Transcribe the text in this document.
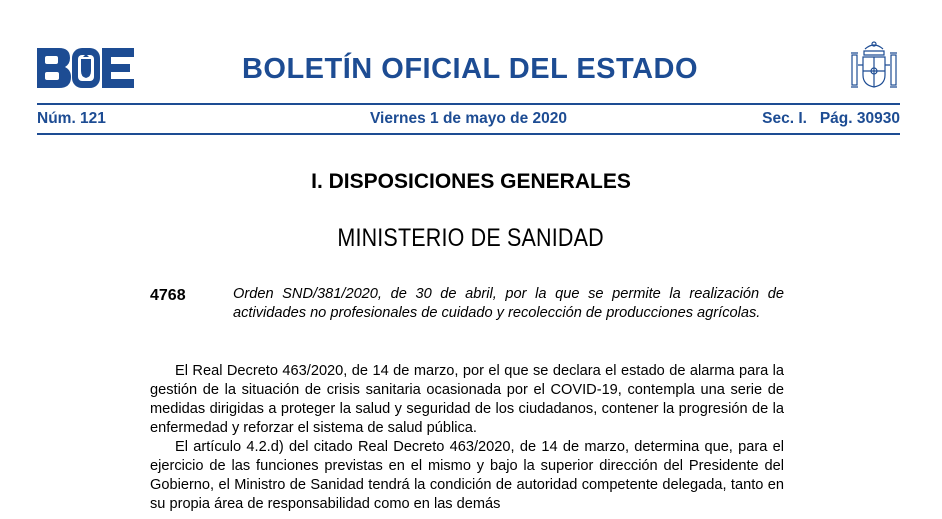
BOLETÍN OFICIAL DEL ESTADO
Núm. 121	Viernes 1 de mayo de 2020	Sec. I.   Pág. 30930
I. DISPOSICIONES GENERALES
MINISTERIO DE SANIDAD
4768	Orden SND/381/2020, de 30 de abril, por la que se permite la realización de actividades no profesionales de cuidado y recolección de producciones agrícolas.

El Real Decreto 463/2020, de 14 de marzo, por el que se declara el estado de alarma para la gestión de la situación de crisis sanitaria ocasionada por el COVID-19, contempla una serie de medidas dirigidas a proteger la salud y seguridad de los ciudadanos, contener la progresión de la enfermedad y reforzar el sistema de salud pública.

El artículo 4.2.d) del citado Real Decreto 463/2020, de 14 de marzo, determina que, para el ejercicio de las funciones previstas en el mismo y bajo la superior dirección del Presidente del Gobierno, el Ministro de Sanidad tendrá la condición de autoridad competente delegada, tanto en su propia área de responsabilidad como en las demás
